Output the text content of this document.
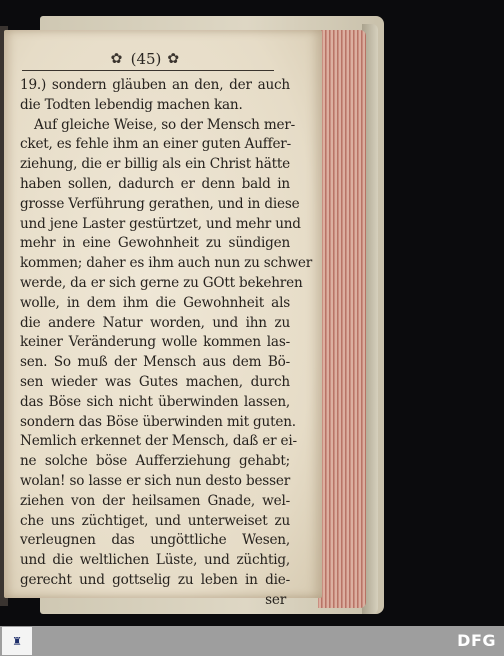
✿ (45) ✿
19.) sondern gläuben an den, der auch
die Todten lebendig machen kan.
Auf gleiche Weise, so der Mensch mer-
cket, es fehle ihm an einer guten Auffer-
ziehung, die er billig als ein Christ hätte
haben sollen, dadurch er denn bald in
grosse Verführung gerathen, und in diese
und jene Laster gestürtzet, und mehr und
mehr in eine Gewohnheit zu sündigen
kommen; daher es ihm auch nun zu schwer
werde, da er sich gerne zu GOtt bekehren
wolle, in dem ihm die Gewohnheit als
die andere Natur worden, und ihn zu
keiner Veränderung wolle kommen las-
sen. So muß der Mensch aus dem Bö-
sen wieder was Gutes machen, durch
das Böse sich nicht überwinden lassen,
sondern das Böse überwinden mit guten.
Nemlich erkennet der Mensch, daß er ei-
ne solche böse Aufferziehung gehabt;
wolan! so lasse er sich nun desto besser
ziehen von der heilsamen Gnade, wel-
che uns züchtiget, und unterweiset zu
verleugnen das ungöttliche Wesen,
und die weltlichen Lüste, und züchtig,
gerecht und gottselig zu leben in die-
ser
♜	DFG
